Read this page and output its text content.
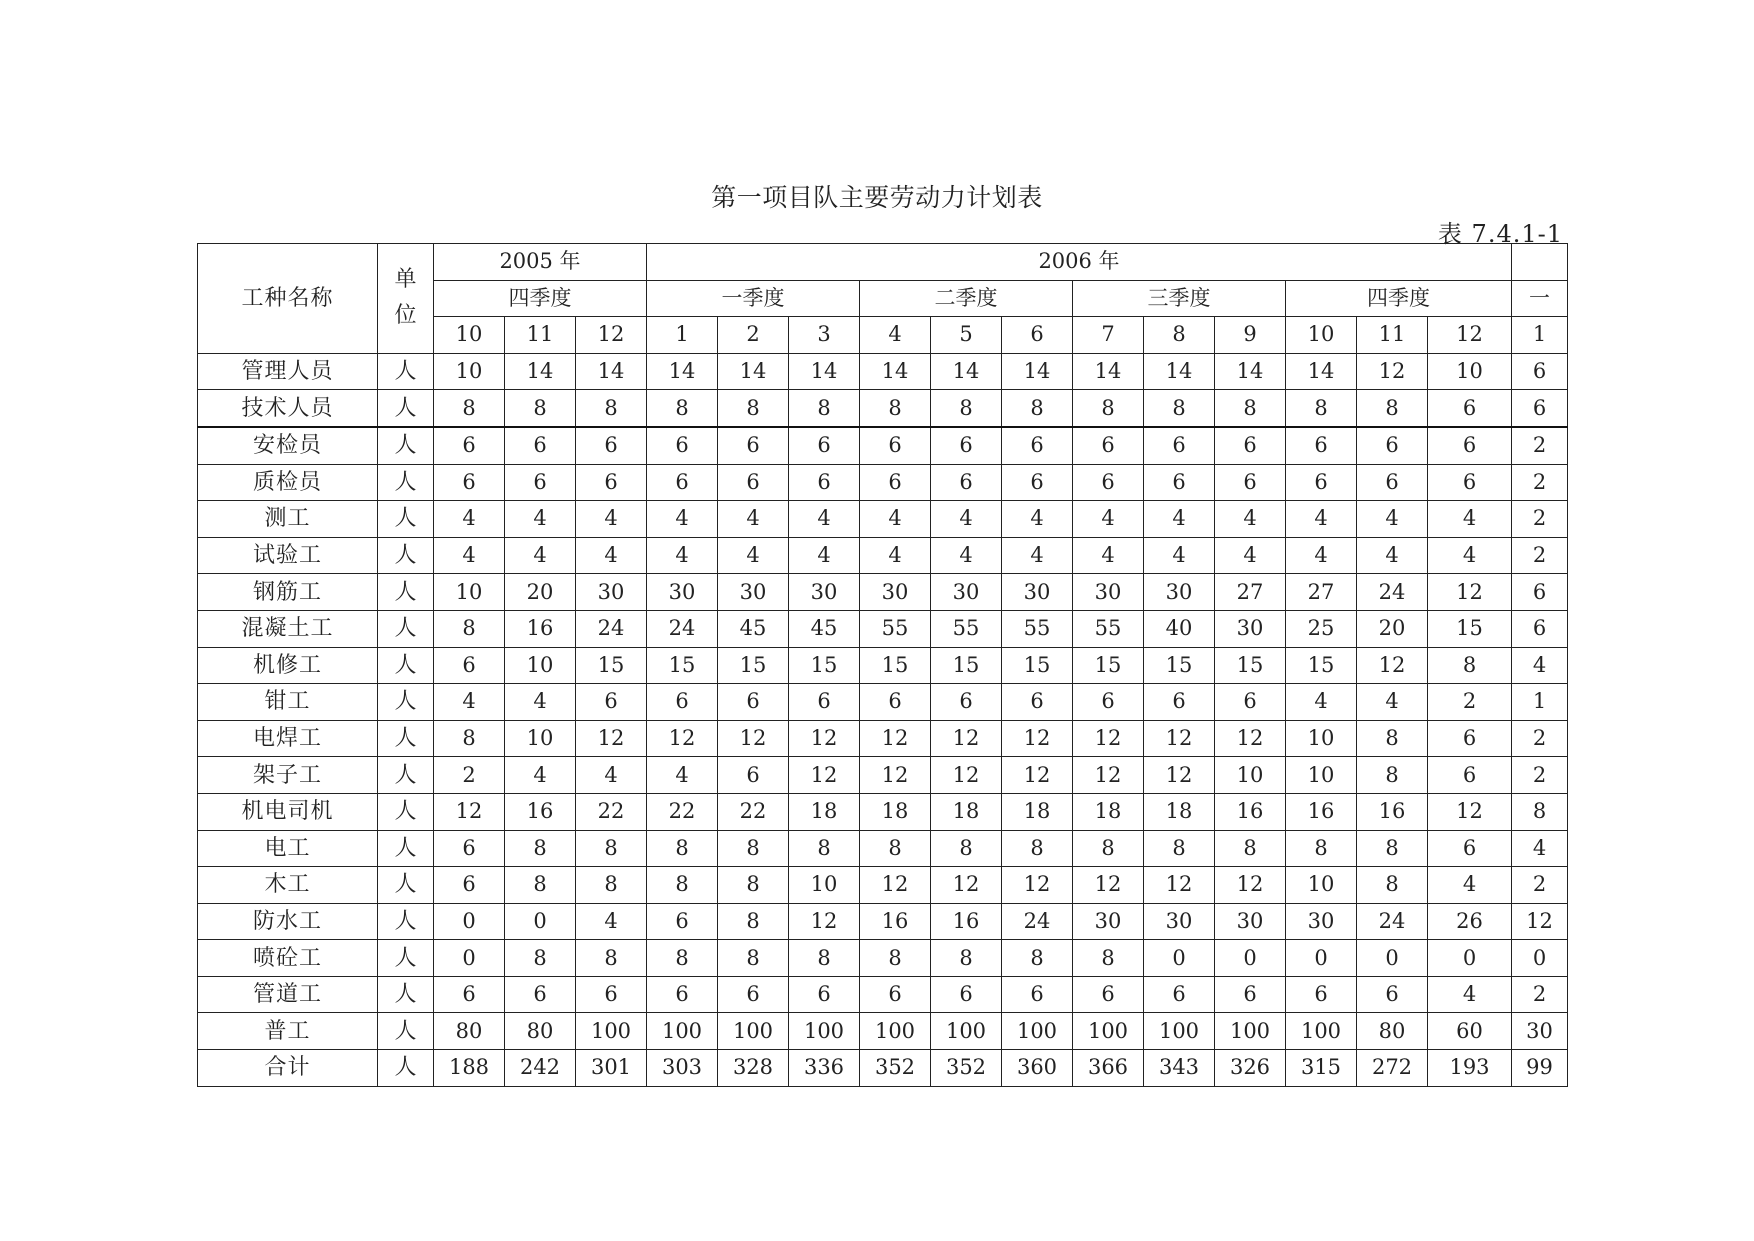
第一项目队主要劳动力计划表
表 7.4.1-1
工种名称	单
位	2005 年			2006 年												
		四季度			一季度			二季度			三季度			四季度			一
		10	11	12	1	2	3	4	5	6	7	8	9	10	11	12	1
管理人员	人	10	14	14	14	14	14	14	14	14	14	14	14	14	12	10	6
技术人员	人	8	8	8	8	8	8	8	8	8	8	8	8	8	8	6	6
安检员	人	6	6	6	6	6	6	6	6	6	6	6	6	6	6	6	2
质检员	人	6	6	6	6	6	6	6	6	6	6	6	6	6	6	6	2
测工	人	4	4	4	4	4	4	4	4	4	4	4	4	4	4	4	2
试验工	人	4	4	4	4	4	4	4	4	4	4	4	4	4	4	4	2
钢筋工	人	10	20	30	30	30	30	30	30	30	30	30	27	27	24	12	6
混凝土工	人	8	16	24	24	45	45	55	55	55	55	40	30	25	20	15	6
机修工	人	6	10	15	15	15	15	15	15	15	15	15	15	15	12	8	4
钳工	人	4	4	6	6	6	6	6	6	6	6	6	6	4	4	2	1
电焊工	人	8	10	12	12	12	12	12	12	12	12	12	12	10	8	6	2
架子工	人	2	4	4	4	6	12	12	12	12	12	12	10	10	8	6	2
机电司机	人	12	16	22	22	22	18	18	18	18	18	18	16	16	16	12	8
电工	人	6	8	8	8	8	8	8	8	8	8	8	8	8	8	6	4
木工	人	6	8	8	8	8	10	12	12	12	12	12	12	10	8	4	2
防水工	人	0	0	4	6	8	12	16	16	24	30	30	30	30	24	26	12
喷砼工	人	0	8	8	8	8	8	8	8	8	8	0	0	0	0	0	0
管道工	人	6	6	6	6	6	6	6	6	6	6	6	6	6	6	4	2
普工	人	80	80	100	100	100	100	100	100	100	100	100	100	100	80	60	30
合计	人	188	242	301	303	328	336	352	352	360	366	343	326	315	272	193	99
